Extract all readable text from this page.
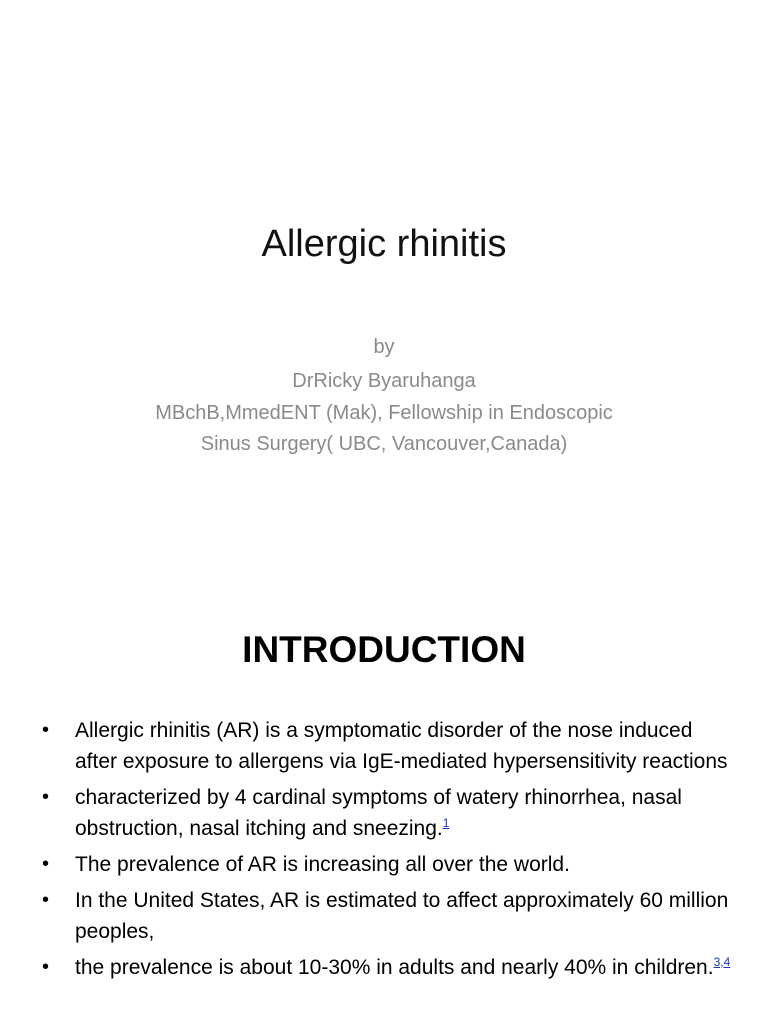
Allergic rhinitis
by
DrRicky Byaruhanga
MBchB,MmedENT (Mak), Fellowship in Endoscopic
Sinus Surgery( UBC, Vancouver,Canada)
INTRODUCTION
• Allergic rhinitis (AR) is a symptomatic disorder of the nose induced after exposure to allergens via IgE-mediated hypersensitivity reactions
• characterized by 4 cardinal symptoms of watery rhinorrhea, nasal obstruction, nasal itching and sneezing.$^1$
• The prevalence of AR is increasing all over the world.
• In the United States, AR is estimated to affect approximately 60 million peoples,
• the prevalence is about 10-30% in adults and nearly 40% in children.$^{3,4}$
